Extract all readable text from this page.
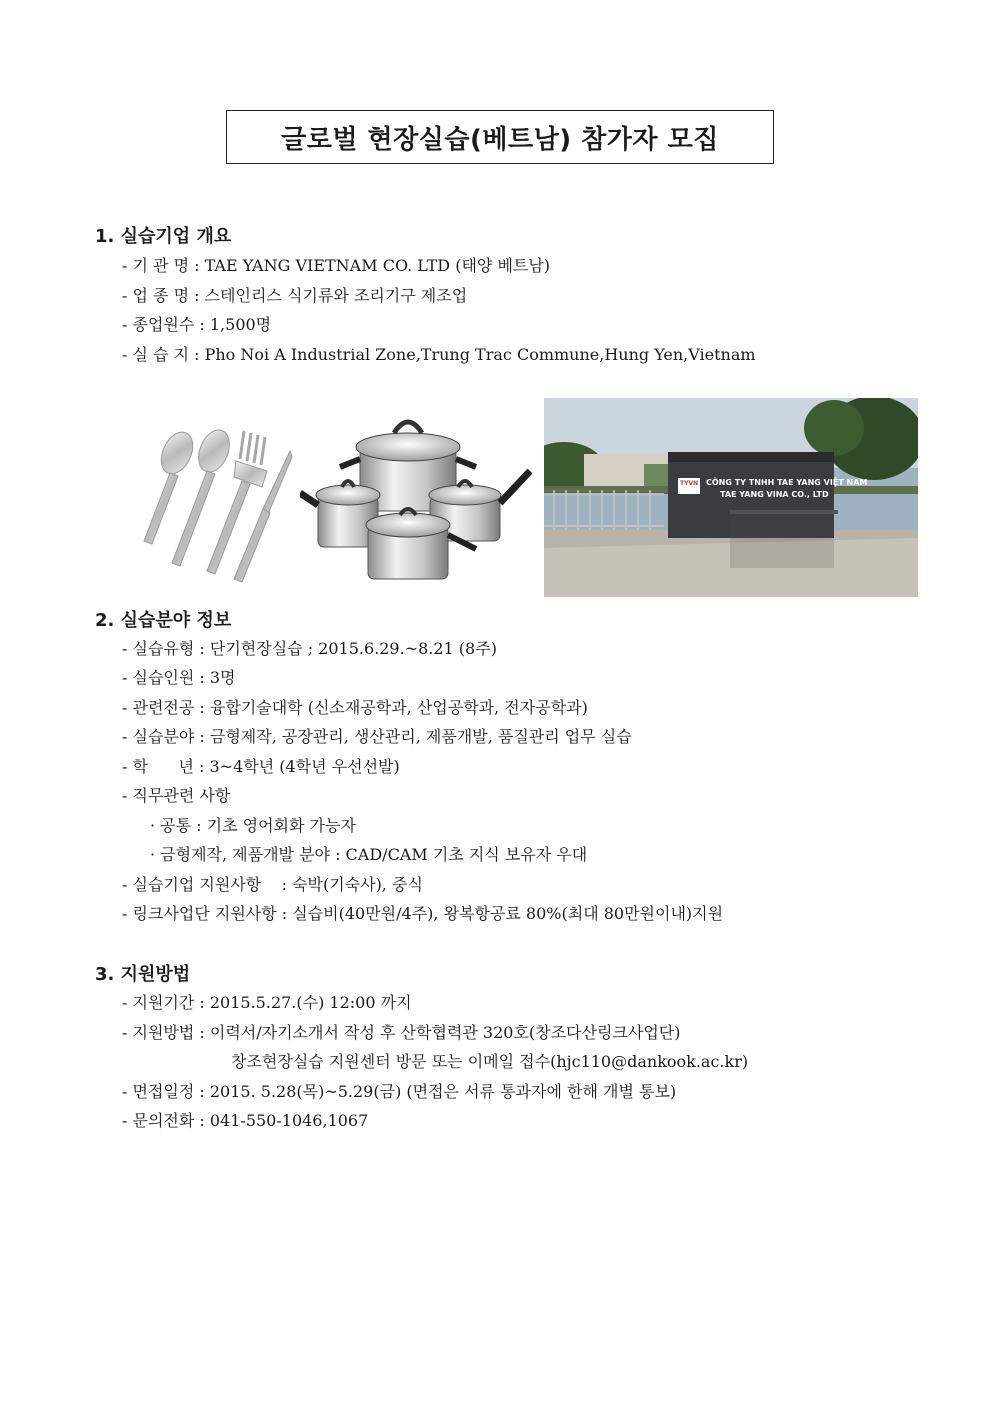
글로벌 현장실습(베트남) 참가자 모집
1. 실습기업 개요
- 기 관 명 : TAE YANG VIETNAM CO. LTD (태양 베트남)
- 업 종 명 : 스테인리스 식기류와 조리기구 제조업
- 종업원수 : 1,500명
- 실 습 지 : Pho Noi A Industrial Zone,Trung Trac Commune,Hung Yen,Vietnam
TYVN CÔNG TY TNHH TAE YANG VIỆT NAM
TAE YANG VINA CO., LTD
2. 실습분야 정보
- 실습유형 : 단기현장실습 ; 2015.6.29.~8.21 (8주)
- 실습인원 : 3명
- 관련전공 : 융합기술대학 (신소재공학과, 산업공학과, 전자공학과)
- 실습분야 : 금형제작, 공장관리, 생산관리, 제품개발, 품질관리 업무 실습
- 학      년 : 3~4학년 (4학년 우선선발)
- 직무관련 사항
· 공통 : 기초 영어회화 가능자
· 금형제작, 제품개발 분야 : CAD/CAM 기초 지식 보유자 우대
- 실습기업 지원사항    : 숙박(기숙사), 중식
- 링크사업단 지원사항 : 실습비(40만원/4주), 왕복항공료 80%(최대 80만원이내)지원
3. 지원방법
- 지원기간 : 2015.5.27.(수) 12:00 까지
- 지원방법 : 이력서/자기소개서 작성 후 산학협력관 320호(창조다산링크사업단)
창조현장실습 지원센터 방문 또는 이메일 접수(hjc110@dankook.ac.kr)
- 면접일정 : 2015. 5.28(목)~5.29(금) (면접은 서류 통과자에 한해 개별 통보)
- 문의전화 : 041-550-1046,1067
